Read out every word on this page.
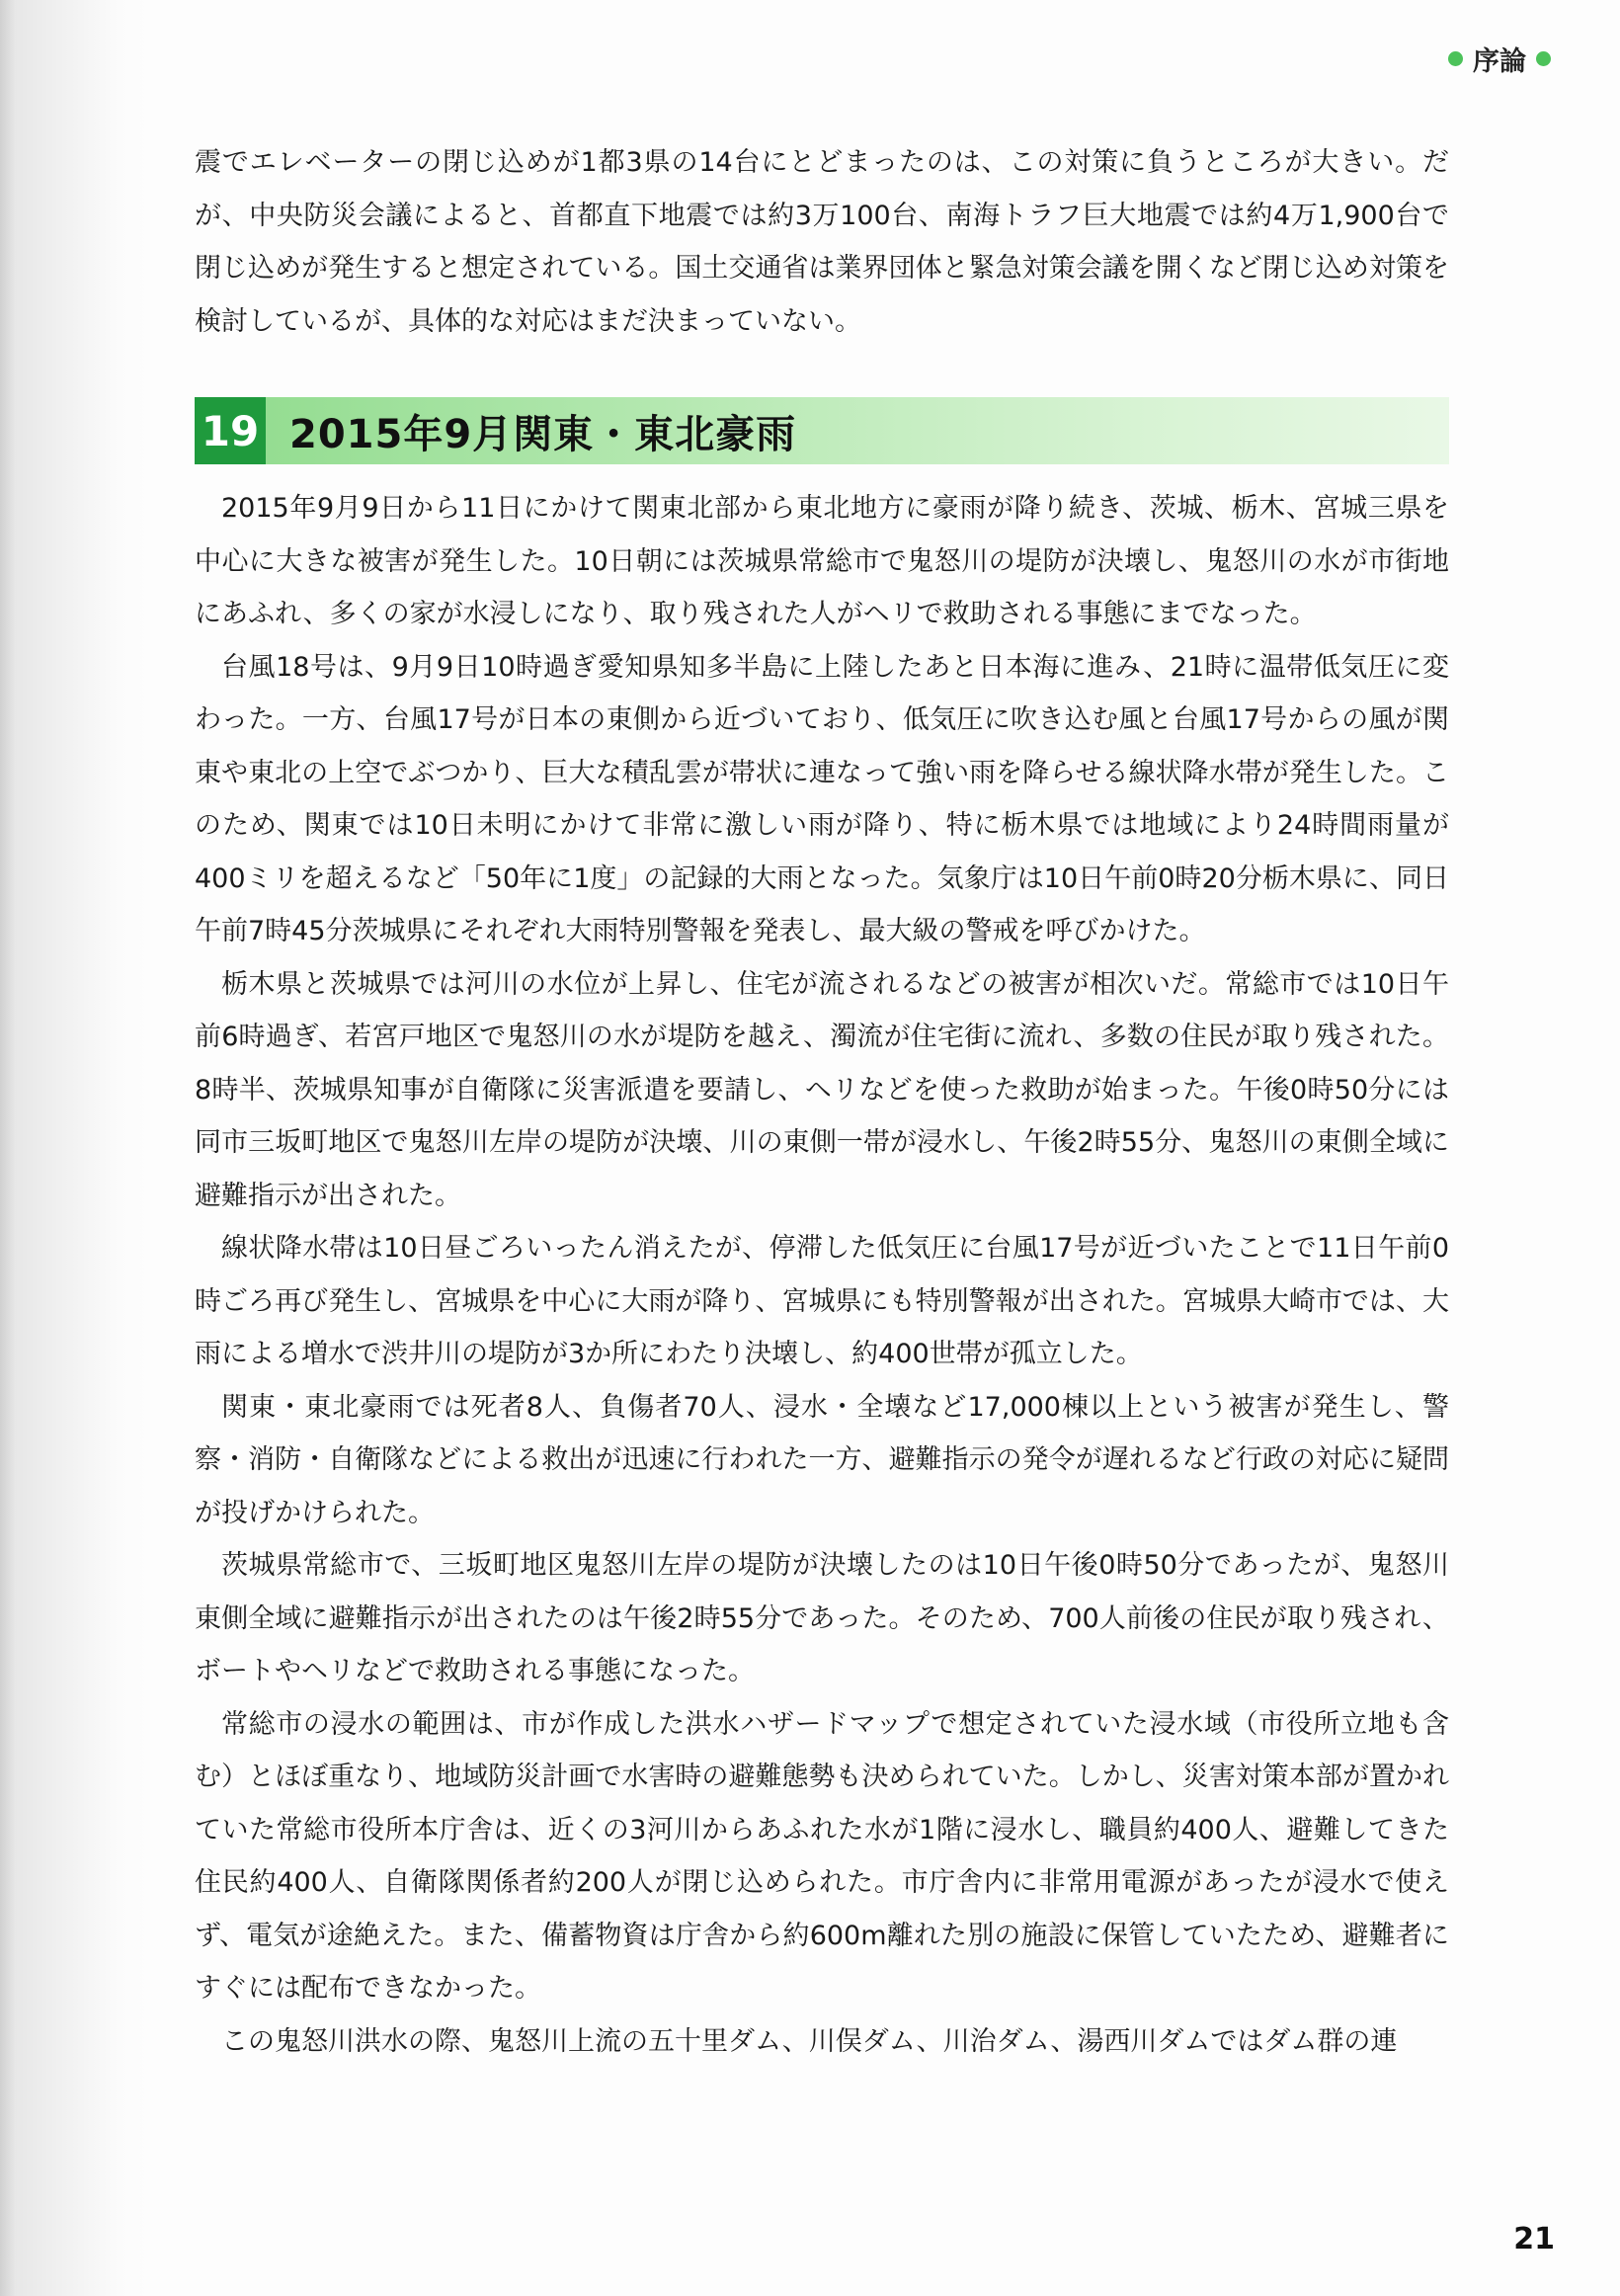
序論

震でエレベーターの閉じ込めが1都3県の14台にとどまったのは、この対策に負うところが大きい。だが、中央防災会議によると、首都直下地震では約3万100台、南海トラフ巨大地震では約4万1,900台で閉じ込めが発生すると想定されている。国土交通省は業界団体と緊急対策会議を開くなど閉じ込め対策を検討しているが、具体的な対応はまだ決まっていない。

19 2015年9月関東・東北豪雨

2015年9月9日から11日にかけて関東北部から東北地方に豪雨が降り続き、茨城、栃木、宮城三県を中心に大きな被害が発生した。10日朝には茨城県常総市で鬼怒川の堤防が決壊し、鬼怒川の水が市街地にあふれ、多くの家が水浸しになり、取り残された人がヘリで救助される事態にまでなった。

台風18号は、9月9日10時過ぎ愛知県知多半島に上陸したあと日本海に進み、21時に温帯低気圧に変わった。一方、台風17号が日本の東側から近づいており、低気圧に吹き込む風と台風17号からの風が関東や東北の上空でぶつかり、巨大な積乱雲が帯状に連なって強い雨を降らせる線状降水帯が発生した。このため、関東では10日未明にかけて非常に激しい雨が降り、特に栃木県では地域により24時間雨量が400ミリを超えるなど「50年に1度」の記録的大雨となった。気象庁は10日午前0時20分栃木県に、同日午前7時45分茨城県にそれぞれ大雨特別警報を発表し、最大級の警戒を呼びかけた。

栃木県と茨城県では河川の水位が上昇し、住宅が流されるなどの被害が相次いだ。常総市では10日午前6時過ぎ、若宮戸地区で鬼怒川の水が堤防を越え、濁流が住宅街に流れ、多数の住民が取り残された。8時半、茨城県知事が自衛隊に災害派遣を要請し、ヘリなどを使った救助が始まった。午後0時50分には同市三坂町地区で鬼怒川左岸の堤防が決壊、川の東側一帯が浸水し、午後2時55分、鬼怒川の東側全域に避難指示が出された。

線状降水帯は10日昼ごろいったん消えたが、停滞した低気圧に台風17号が近づいたことで11日午前0時ごろ再び発生し、宮城県を中心に大雨が降り、宮城県にも特別警報が出された。宮城県大崎市では、大雨による増水で渋井川の堤防が3か所にわたり決壊し、約400世帯が孤立した。

関東・東北豪雨では死者8人、負傷者70人、浸水・全壊など17,000棟以上という被害が発生し、警察・消防・自衛隊などによる救出が迅速に行われた一方、避難指示の発令が遅れるなど行政の対応に疑問が投げかけられた。

茨城県常総市で、三坂町地区鬼怒川左岸の堤防が決壊したのは10日午後0時50分であったが、鬼怒川東側全域に避難指示が出されたのは午後2時55分であった。そのため、700人前後の住民が取り残され、ボートやヘリなどで救助される事態になった。

常総市の浸水の範囲は、市が作成した洪水ハザードマップで想定されていた浸水域（市役所立地も含む）とほぼ重なり、地域防災計画で水害時の避難態勢も決められていた。しかし、災害対策本部が置かれていた常総市役所本庁舎は、近くの3河川からあふれた水が1階に浸水し、職員約400人、避難してきた住民約400人、自衛隊関係者約200人が閉じ込められた。市庁舎内に非常用電源があったが浸水で使えず、電気が途絶えた。また、備蓄物資は庁舎から約600m離れた別の施設に保管していたため、避難者にすぐには配布できなかった。

この鬼怒川洪水の際、鬼怒川上流の五十里ダム、川俣ダム、川治ダム、湯西川ダムではダム群の連

21
